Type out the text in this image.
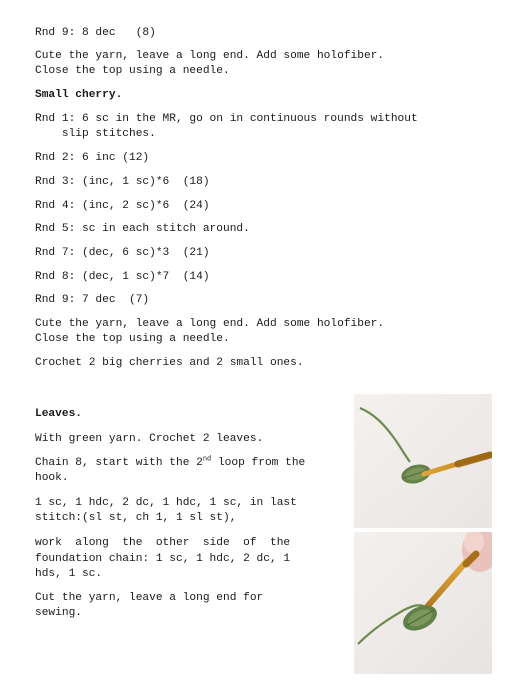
Rnd 9: 8 dec   (8)

Cute the yarn, leave a long end. Add some holofiber.

Close the top using a needle.

Small cherry.

Rnd 1: 6 sc in the MR, go on in continuous rounds without

slip stitches.

Rnd 2: 6 inc (12)

Rnd 3: (inc, 1 sc)*6  (18)

Rnd 4: (inc, 2 sc)*6  (24)

Rnd 5: sc in each stitch around.

Rnd 7: (dec, 6 sc)*3  (21)

Rnd 8: (dec, 1 sc)*7  (14)

Rnd 9: 7 dec  (7)

Cute the yarn, leave a long end. Add some holofiber.

Close the top using a needle.

Crochet 2 big cherries and 2 small ones.

Leaves.

With green yarn. Crochet 2 leaves.

Chain 8, start with the 2nd loop from the

hook.

1 sc, 1 hdc, 2 dc, 1 hdc, 1 sc, in last

stitch:(sl st, ch 1, 1 sl st),

work  along  the  other  side  of  the

foundation chain: 1 sc, 1 hdc, 2 dc, 1

hds, 1 sc.

Cut the yarn, leave a long end for

sewing.
